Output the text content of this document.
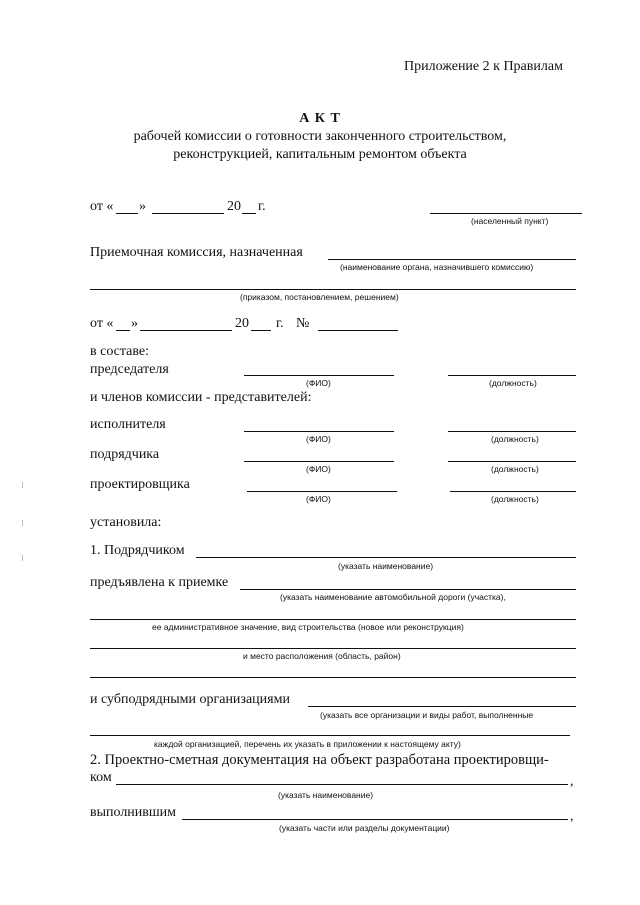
Приложение 2 к Правилам
А К Т
рабочей комиссии о готовности законченного строительством,
реконструкцией, капитальным ремонтом объекта
от « »	20 г.
(населенный пункт)
Приемочная комиссия, назначенная
(наименование органа, назначившего комиссию)
(приказом, постановлением, решением)
от « »	20 г. №
в составе:
председателя
(ФИО)	(должность)
и членов комиссии - представителей:
исполнителя
(ФИО)	(должность)
подрядчика
(ФИО)	(должность)
проектировщика
(ФИО)	(должность)
установила:
1. Подрядчиком
(указать наименование)
предъявлена к приемке
(указать наименование автомобильной дороги (участка),
ее административное значение, вид строительства (новое или реконструкция)
и место расположения (область, район)
и субподрядными организациями
(указать все организации и виды работ, выполненные
каждой организацией, перечень их указать в приложении к настоящему акту)
2. Проектно-сметная документация на объект разработана проектировщи-
ком	,
(указать наименование)
выполнившим	,
(указать части или разделы документации)
